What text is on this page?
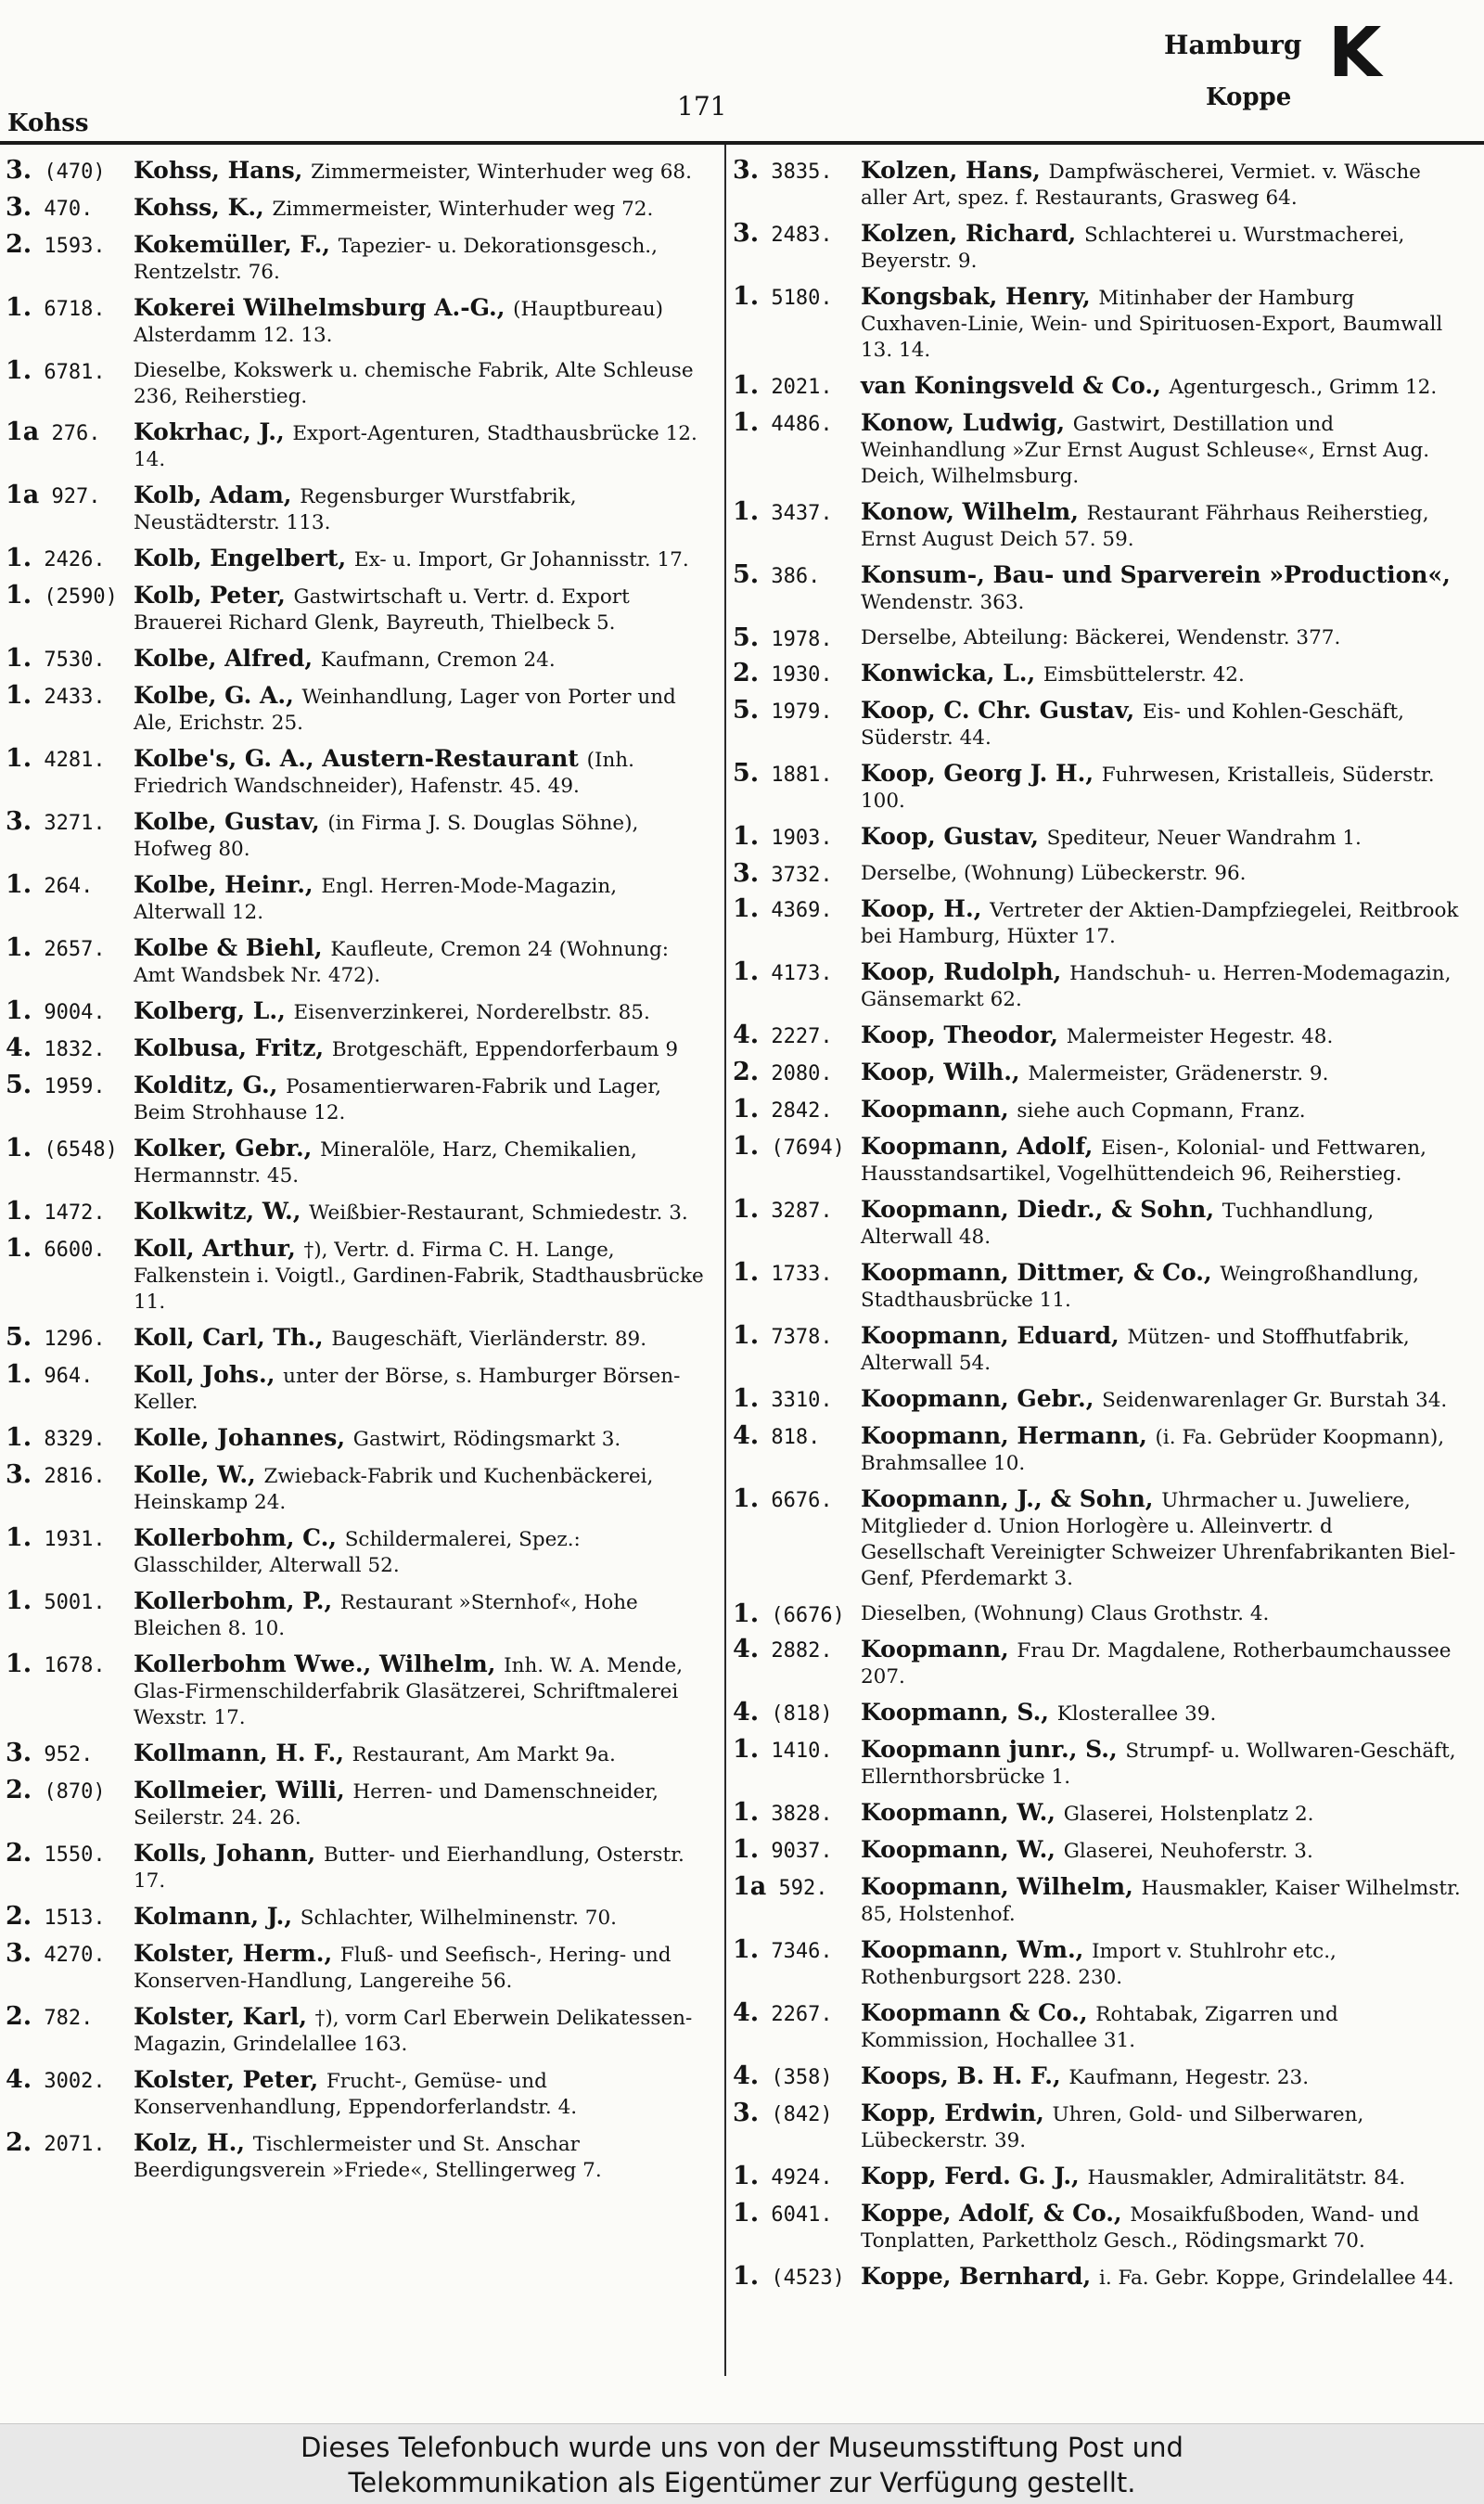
Kohss
171
Hamburg
Koppe
K
3. (470) Kohss, Hans, Zimmermeister, Winterhuder weg 68.
3. 470. Kohss, K., Zimmermeister, Winterhuder weg 72.
2. 1593. Kokemüller, F., Tapezier- u. Dekorationsgesch., Rentzelstr. 76.
1. 6718. Kokerei Wilhelmsburg A.-G., (Hauptbureau) Alsterdamm 12. 13.
1. 6781. Dieselbe, Kokswerk u. chemische Fabrik, Alte Schleuse 236, Reiherstieg.
1a 276. Kokrhac, J., Export-Agenturen, Stadthausbrücke 12. 14.
1a 927. Kolb, Adam, Regensburger Wurstfabrik, Neustädterstr. 113.
1. 2426. Kolb, Engelbert, Ex- u. Import, Gr Johannisstr. 17.
1. (2590) Kolb, Peter, Gastwirtschaft u. Vertr. d. Export Brauerei Richard Glenk, Bayreuth, Thielbeck 5.
1. 7530. Kolbe, Alfred, Kaufmann, Cremon 24.
1. 2433. Kolbe, G. A., Weinhandlung, Lager von Porter und Ale, Erichstr. 25.
1. 4281. Kolbe's, G. A., Austern-Restaurant (Inh. Friedrich Wandschneider), Hafenstr. 45. 49.
3. 3271. Kolbe, Gustav, (in Firma J. S. Douglas Söhne), Hofweg 80.
1. 264. Kolbe, Heinr., Engl. Herren-Mode-Magazin, Alterwall 12.
1. 2657. Kolbe & Biehl, Kaufleute, Cremon 24 (Wohnung: Amt Wandsbek Nr. 472).
1. 9004. Kolberg, L., Eisenverzinkerei, Norderelbstr. 85.
4. 1832. Kolbusa, Fritz, Brotgeschäft, Eppendorferbaum 9
5. 1959. Kolditz, G., Posamentierwaren-Fabrik und Lager, Beim Strohhause 12.
1. (6548) Kolker, Gebr., Mineralöle, Harz, Chemikalien, Hermannstr. 45.
1. 1472. Kolkwitz, W., Weißbier-Restaurant, Schmiedestr. 3.
1. 6600. Koll, Arthur, †), Vertr. d. Firma C. H. Lange, Falkenstein i. Voigtl., Gardinen-Fabrik, Stadthausbrücke 11.
5. 1296. Koll, Carl, Th., Baugeschäft, Vierländerstr. 89.
1. 964. Koll, Johs., unter der Börse, s. Hamburger Börsen-Keller.
1. 8329. Kolle, Johannes, Gastwirt, Rödingsmarkt 3.
3. 2816. Kolle, W., Zwieback-Fabrik und Kuchenbäckerei, Heinskamp 24.
1. 1931. Kollerbohm, C., Schildermalerei, Spez.: Glasschilder, Alterwall 52.
1. 5001. Kollerbohm, P., Restaurant »Sternhof«, Hohe Bleichen 8. 10.
1. 1678. Kollerbohm Wwe., Wilhelm, Inh. W. A. Mende, Glas-Firmenschilderfabrik Glasätzerei, Schriftmalerei Wexstr. 17.
3. 952. Kollmann, H. F., Restaurant, Am Markt 9a.
2. (870) Kollmeier, Willi, Herren- und Damenschneider, Seilerstr. 24. 26.
2. 1550. Kolls, Johann, Butter- und Eierhandlung, Osterstr. 17.
2. 1513. Kolmann, J., Schlachter, Wilhelminenstr. 70.
3. 4270. Kolster, Herm., Fluß- und Seefisch-, Hering- und Konserven-Handlung, Langereihe 56.
2. 782. Kolster, Karl, †), vorm Carl Eberwein Delikatessen-Magazin, Grindelallee 163.
4. 3002. Kolster, Peter, Frucht-, Gemüse- und Konservenhandlung, Eppendorferlandstr. 4.
2. 2071. Kolz, H., Tischlermeister und St. Anschar Beerdigungsverein »Friede«, Stellingerweg 7.
3. 3835. Kolzen, Hans, Dampfwäscherei, Vermiet. v. Wäsche aller Art, spez. f. Restaurants, Grasweg 64.
3. 2483. Kolzen, Richard, Schlachterei u. Wurstmacherei, Beyerstr. 9.
1. 5180. Kongsbak, Henry, Mitinhaber der Hamburg Cuxhaven-Linie, Wein- und Spirituosen-Export, Baumwall 13. 14.
1. 2021. van Koningsveld & Co., Agenturgesch., Grimm 12.
1. 4486. Konow, Ludwig, Gastwirt, Destillation und Weinhandlung »Zur Ernst August Schleuse«, Ernst Aug. Deich, Wilhelmsburg.
1. 3437. Konow, Wilhelm, Restaurant Fährhaus Reiherstieg, Ernst August Deich 57. 59.
5. 386. Konsum-, Bau- und Sparverein »Production«, Wendenstr. 363.
5. 1978. Derselbe, Abteilung: Bäckerei, Wendenstr. 377.
2. 1930. Konwicka, L., Eimsbüttelerstr. 42.
5. 1979. Koop, C. Chr. Gustav, Eis- und Kohlen-Geschäft, Süderstr. 44.
5. 1881. Koop, Georg J. H., Fuhrwesen, Kristalleis, Süderstr. 100.
1. 1903. Koop, Gustav, Spediteur, Neuer Wandrahm 1.
3. 3732. Derselbe, (Wohnung) Lübeckerstr. 96.
1. 4369. Koop, H., Vertreter der Aktien-Dampfziegelei, Reitbrook bei Hamburg, Hüxter 17.
1. 4173. Koop, Rudolph, Handschuh- u. Herren-Modemagazin, Gänsemarkt 62.
4. 2227. Koop, Theodor, Malermeister Hegestr. 48.
2. 2080. Koop, Wilh., Malermeister, Grädenerstr. 9.
1. 2842. Koopmann, siehe auch Copmann, Franz.
1. (7694) Koopmann, Adolf, Eisen-, Kolonial- und Fettwaren, Hausstandsartikel, Vogelhüttendeich 96, Reiherstieg.
1. 3287. Koopmann, Diedr., & Sohn, Tuchhandlung, Alterwall 48.
1. 1733. Koopmann, Dittmer, & Co., Weingroßhandlung, Stadthausbrücke 11.
1. 7378. Koopmann, Eduard, Mützen- und Stoffhutfabrik, Alterwall 54.
1. 3310. Koopmann, Gebr., Seidenwarenlager Gr. Burstah 34.
4. 818. Koopmann, Hermann, (i. Fa. Gebrüder Koopmann), Brahmsallee 10.
1. 6676. Koopmann, J., & Sohn, Uhrmacher u. Juweliere, Mitglieder d. Union Horlogère u. Alleinvertr. d Gesellschaft Vereinigter Schweizer Uhrenfabrikanten Biel-Genf, Pferdemarkt 3.
1. (6676) Dieselben, (Wohnung) Claus Grothstr. 4.
4. 2882. Koopmann, Frau Dr. Magdalene, Rotherbaumchaussee 207.
4. (818) Koopmann, S., Klosterallee 39.
1. 1410. Koopmann junr., S., Strumpf- u. Wollwaren-Geschäft, Ellernthorsbrücke 1.
1. 3828. Koopmann, W., Glaserei, Holstenplatz 2.
1. 9037. Koopmann, W., Glaserei, Neuhoferstr. 3.
1a 592. Koopmann, Wilhelm, Hausmakler, Kaiser Wilhelmstr. 85, Holstenhof.
1. 7346. Koopmann, Wm., Import v. Stuhlrohr etc., Rothenburgsort 228. 230.
4. 2267. Koopmann & Co., Rohtabak, Zigarren und Kommission, Hochallee 31.
4. (358) Koops, B. H. F., Kaufmann, Hegestr. 23.
3. (842) Kopp, Erdwin, Uhren, Gold- und Silberwaren, Lübeckerstr. 39.
1. 4924. Kopp, Ferd. G. J., Hausmakler, Admiralitätstr. 84.
1. 6041. Koppe, Adolf, & Co., Mosaikfußboden, Wand- und Tonplatten, Parkettholz Gesch., Rödingsmarkt 70.
1. (4523) Koppe, Bernhard, i. Fa. Gebr. Koppe, Grindelallee 44.
Dieses Telefonbuch wurde uns von der Museumsstiftung Post und
Telekommunikation als Eigentümer zur Verfügung gestellt.
